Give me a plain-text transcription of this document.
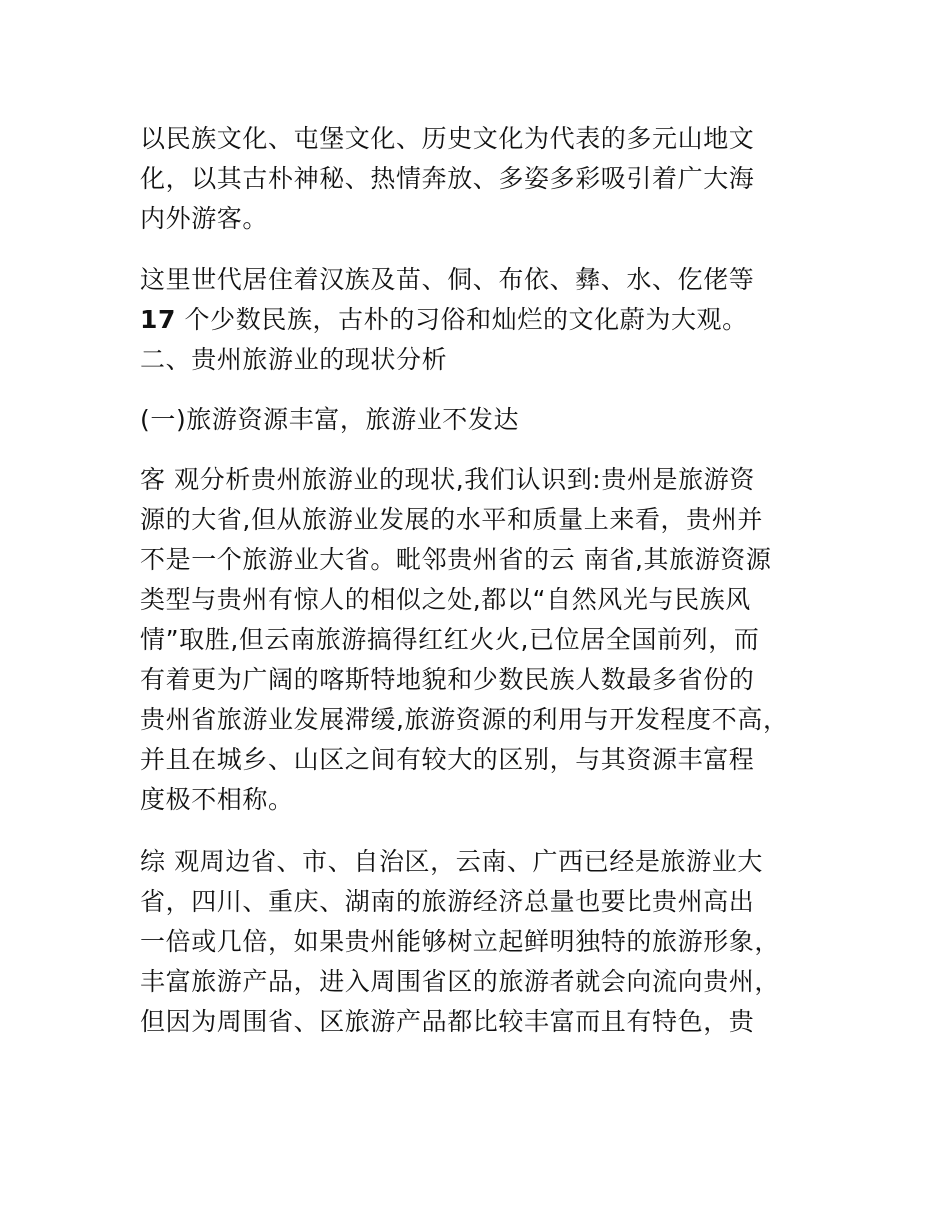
以民族文化、屯堡文化、历史文化为代表的多元山地文
化，以其古朴神秘、热情奔放、多姿多彩吸引着广大海
内外游客。
这里世代居住着汉族及苗、侗、布依、彝、水、仡佬等
17 个少数民族，古朴的习俗和灿烂的文化蔚为大观。
二、贵州旅游业的现状分析
(一)旅游资源丰富，旅游业不发达
客 观分析贵州旅游业的现状,我们认识到:贵州是旅游资
源的大省,但从旅游业发展的水平和质量上来看，贵州并
不是一个旅游业大省。毗邻贵州省的云 南省,其旅游资源
类型与贵州有惊人的相似之处,都以“自然风光与民族风
情”取胜,但云南旅游搞得红红火火,已位居全国前列，而
有着更为广阔的喀斯特地貌和少数民族人数最多省份的
贵州省旅游业发展滞缓,旅游资源的利用与开发程度不高，
并且在城乡、山区之间有较大的区别，与其资源丰富程
度极不相称。
综 观周边省、市、自治区，云南、广西已经是旅游业大
省，四川、重庆、湖南的旅游经济总量也要比贵州高出
一倍或几倍，如果贵州能够树立起鲜明独特的旅游形象，
丰富旅游产品，进入周围省区的旅游者就会向流向贵州，
但因为周围省、区旅游产品都比较丰富而且有特色，贵
